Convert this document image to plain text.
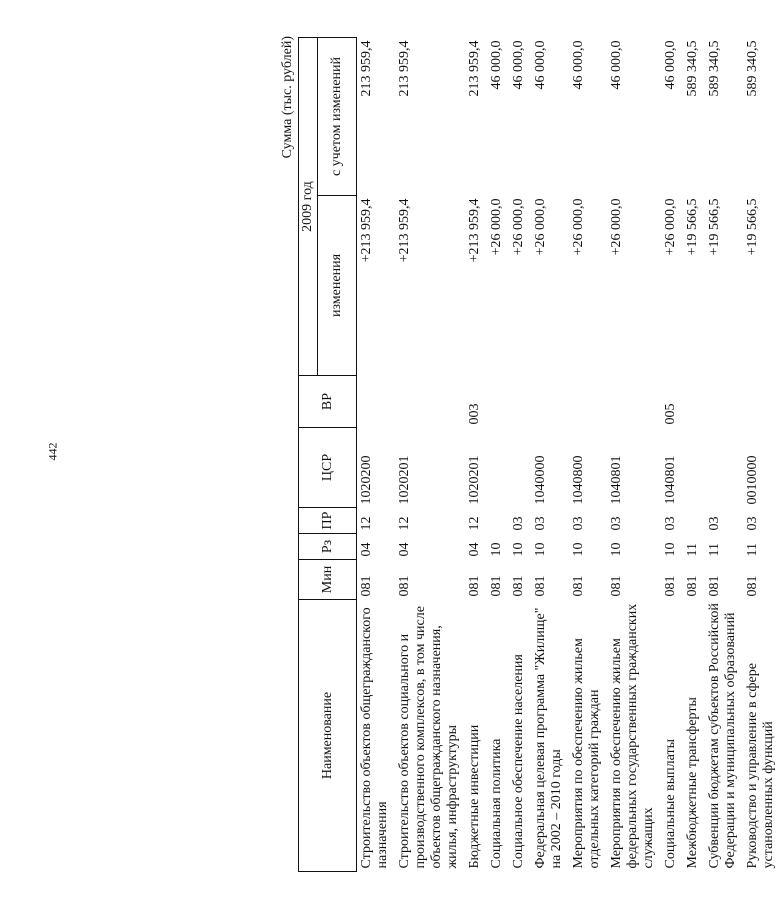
442
Сумма (тыс. рублей)
Наименование	Мин	Рз	ПР	ЦСР	ВР	2009 год	
						изменения	с учетом изменений
Строительство объектов общегражданского назначения	081	04	12	1020200		+213 959,4	213 959,4
Строительство объектов социального и производственного комплексов, в том числе объектов общегражданского назначения, жилья, инфраструктуры	081	04	12	1020201		+213 959,4	213 959,4
Бюджетные инвестиции	081	04	12	1020201	003	+213 959,4	213 959,4
Социальная политика	081	10				+26 000,0	46 000,0
Социальное обеспечение населения	081	10	03			+26 000,0	46 000,0
Федеральная целевая программа "Жилище" на 2002 – 2010 годы	081	10	03	1040000		+26 000,0	46 000,0
Мероприятия по обеспечению жильем отдельных категорий граждан	081	10	03	1040800		+26 000,0	46 000,0
Мероприятия по обеспечению жильем федеральных государственных гражданских служащих	081	10	03	1040801		+26 000,0	46 000,0
Социальные выплаты	081	10	03	1040801	005	+26 000,0	46 000,0
Межбюджетные трансферты	081	11				+19 566,5	589 340,5
Субвенции бюджетам субъектов Российской Федерации и муниципальных образований	081	11	03			+19 566,5	589 340,5
Руководство и управление в сфере установленных функций	081	11	03	0010000		+19 566,5	589 340,5
